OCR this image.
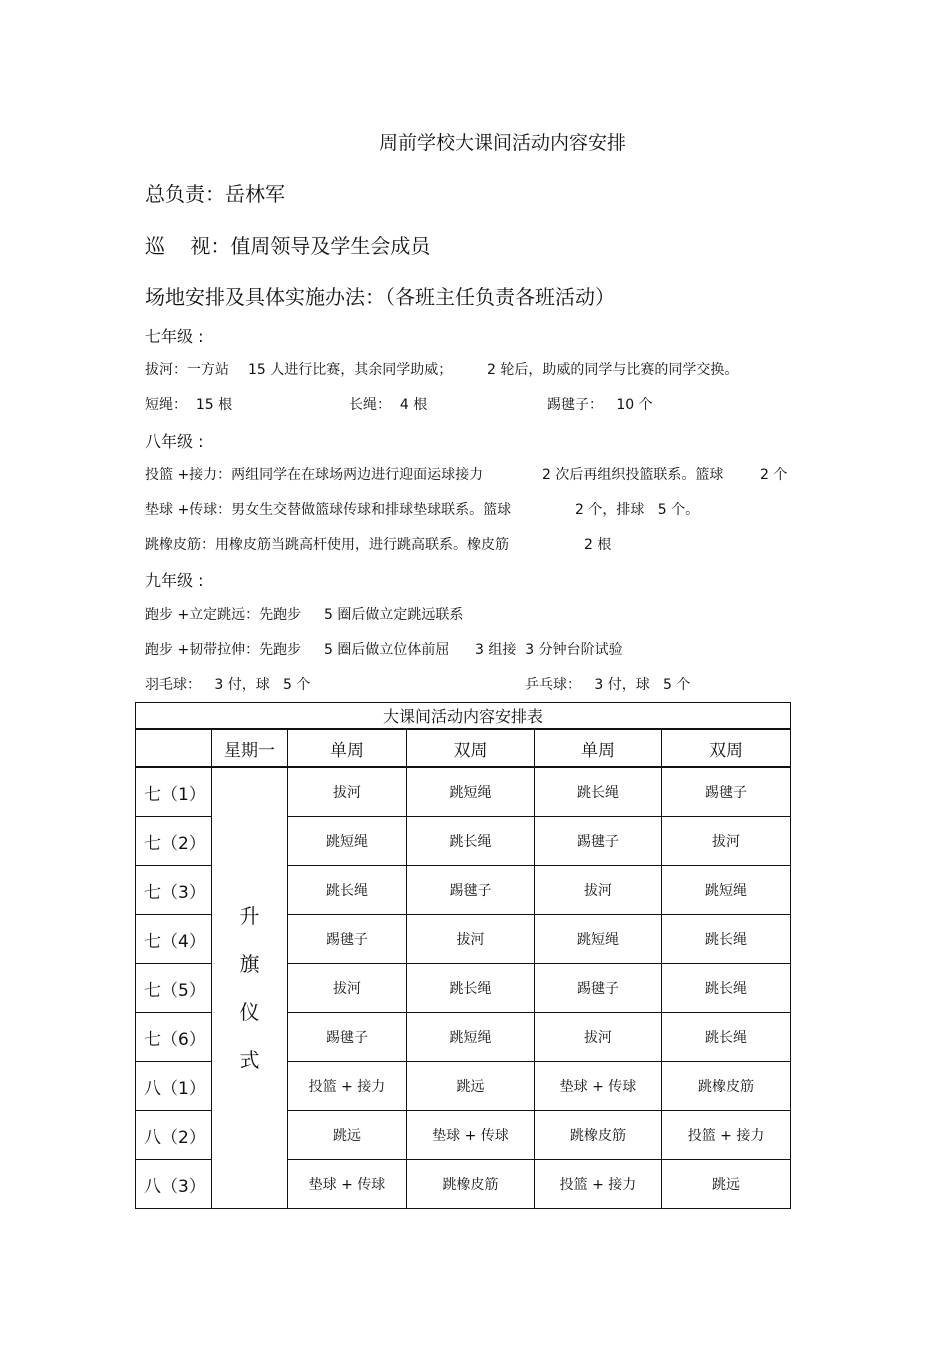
周前学校大课间活动内容安排
总负责：岳林军
巡    视：值周领导及学生会成员
场地安排及具体实施办法：（各班主任负责各班活动）
七年级 :
拔河：一方站 15 人进行比赛，其余同学助威； 2 轮后，助威的同学与比赛的同学交换。
短绳：  15 根	长绳：  4 根	踢毽子：   10 个
八年级 :
投篮 +接力：两组同学在在球场两边进行迎面运球接力	2 次后再组织投篮联系。篮球	2 个
垫球 +传球：男女生交替做篮球传球和排球垫球联系。篮球	2 个，排球   5 个。
跳橡皮筋：用橡皮筋当跳高杆使用，进行跳高联系。橡皮筋	2 根
九年级 :
跑步 +立定跳远：先跑步 5 圈后做立定跳远联系
跑步 +韧带拉伸：先跑步 5 圈后做立位体前屈 3 组接  3 分钟台阶试验
羽毛球：   3 付，球   5 个	乒乓球：   3 付，球   5 个
大课间活动内容安排表					
	星期一	单周	双周	单周	双周
七（1）	升
旗
仪
式	拔河	跳短绳	跳长绳	踢毽子
七（2）		跳短绳	跳长绳	踢毽子	拔河
七（3）		跳长绳	踢毽子	拔河	跳短绳
七（4）		踢毽子	拔河	跳短绳	跳长绳
七（5）		拔河	跳长绳	踢毽子	跳长绳
七（6）		踢毽子	跳短绳	拔河	跳长绳
八（1）		投篮 + 接力	跳远	垫球 + 传球	跳橡皮筋
八（2）		跳远	垫球 + 传球	跳橡皮筋	投篮 + 接力
八（3）		垫球 + 传球	跳橡皮筋	投篮 + 接力	跳远
